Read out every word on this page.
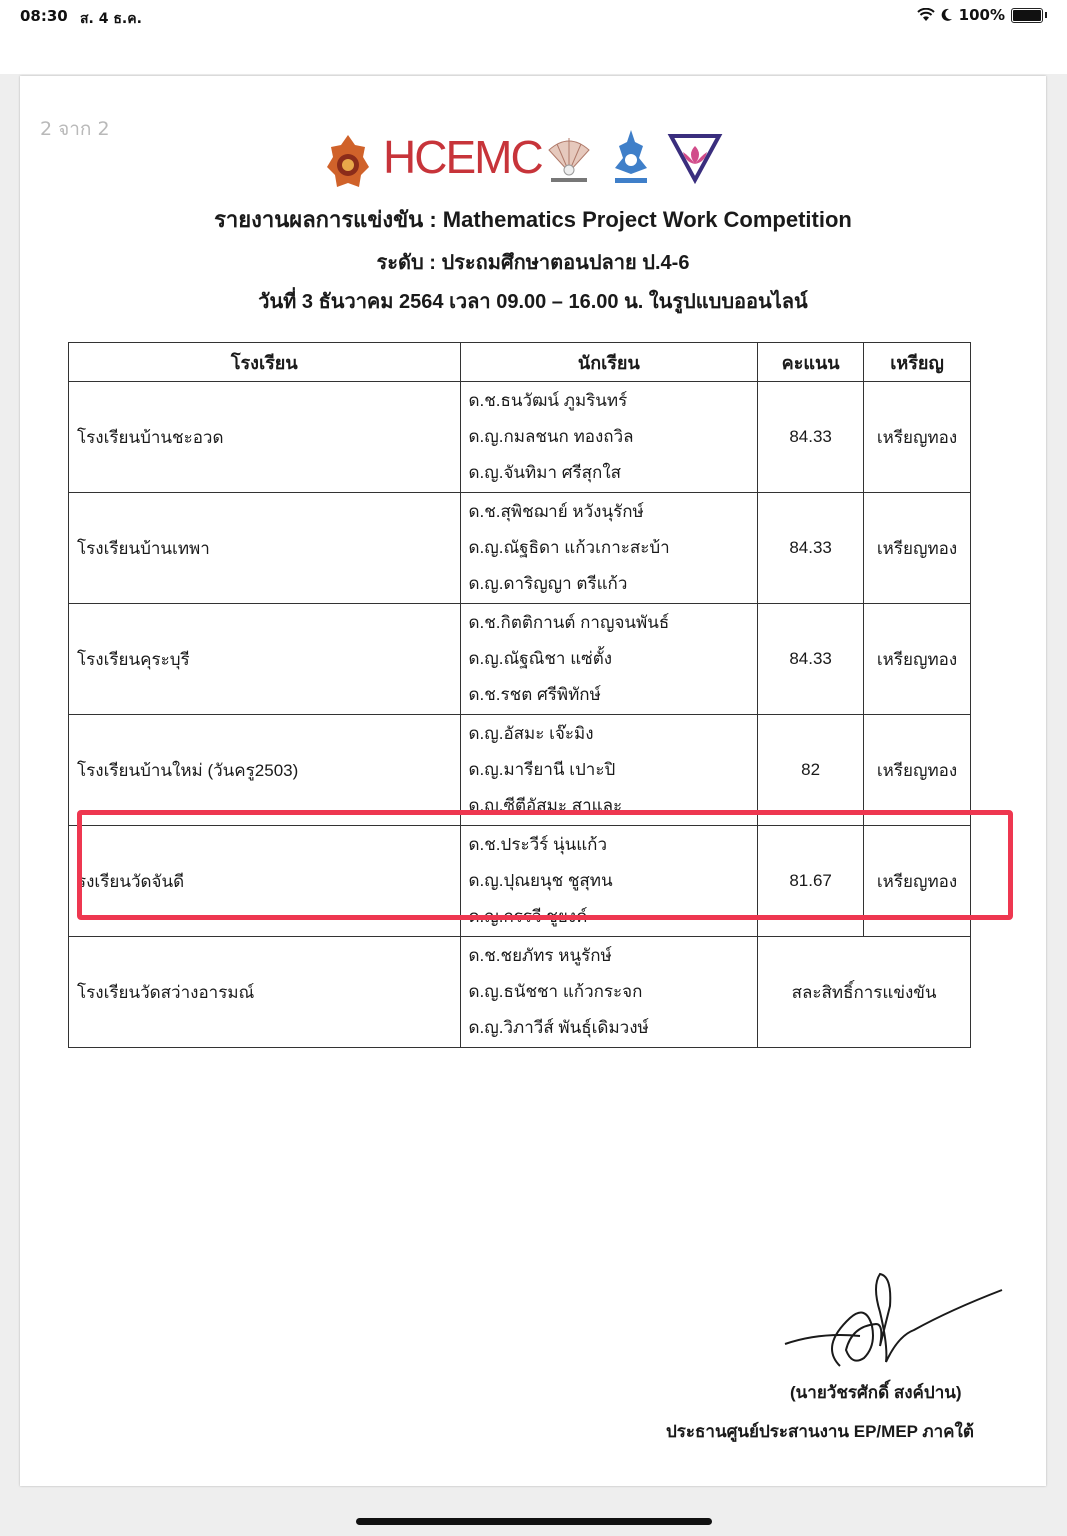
08:30 ส. 4 ธ.ค.	100%
2 จาก 2
HCEMC
รายงานผลการแข่งขัน : Mathematics Project Work Competition
ระดับ : ประถมศึกษาตอนปลาย ป.4-6
วันที่ 3 ธันวาคม 2564 เวลา 09.00 – 16.00 น. ในรูปแบบออนไลน์
โรงเรียน	นักเรียน	คะแนน	เหรียญ
โรงเรียนบ้านชะอวด	ด.ช.ธนวัฒน์ ภูมรินทร์
ด.ญ.กมลชนก ทองถวิล
ด.ญ.จันทิมา ศรีสุกใส	84.33	เหรียญทอง
โรงเรียนบ้านเทพา	ด.ช.สุพิชฌาย์ หวังนุรักษ์
ด.ญ.ณัฐธิดา แก้วเกาะสะบ้า
ด.ญ.ดาริญญา ตรีแก้ว	84.33	เหรียญทอง
โรงเรียนคุระบุรี	ด.ช.กิตติกานต์ กาญจนพันธ์
ด.ญ.ณัฐณิชา แซ่ตั้ง
ด.ช.รชต ศรีพิทักษ์	84.33	เหรียญทอง
โรงเรียนบ้านใหม่ (วันครู2503)	ด.ญ.อัสมะ เจ๊ะมิง
ด.ญ.มารียานี เปาะปิ
ด.ญ.ซีตีอัสมะ สาและ	82	เหรียญทอง
รงเรียนวัดจันดี	ด.ช.ประวีร์ นุ่นแก้ว
ด.ญ.ปุณยนุช ชูสุทน
ด.ญ.กรรวี ชูยงค์	81.67	เหรียญทอง
โรงเรียนวัดสว่างอารมณ์	ด.ช.ชยภัทร หนูรักษ์
ด.ญ.ธนัชชา แก้วกระจก
ด.ญ.วิภาวีส์ พันธุ์เดิมวงษ์	สละสิทธิ์การแข่งขัน	
(นายวัชรศักดิ์ สงค์ปาน)
ประธานศูนย์ประสานงาน EP/MEP ภาคใต้
